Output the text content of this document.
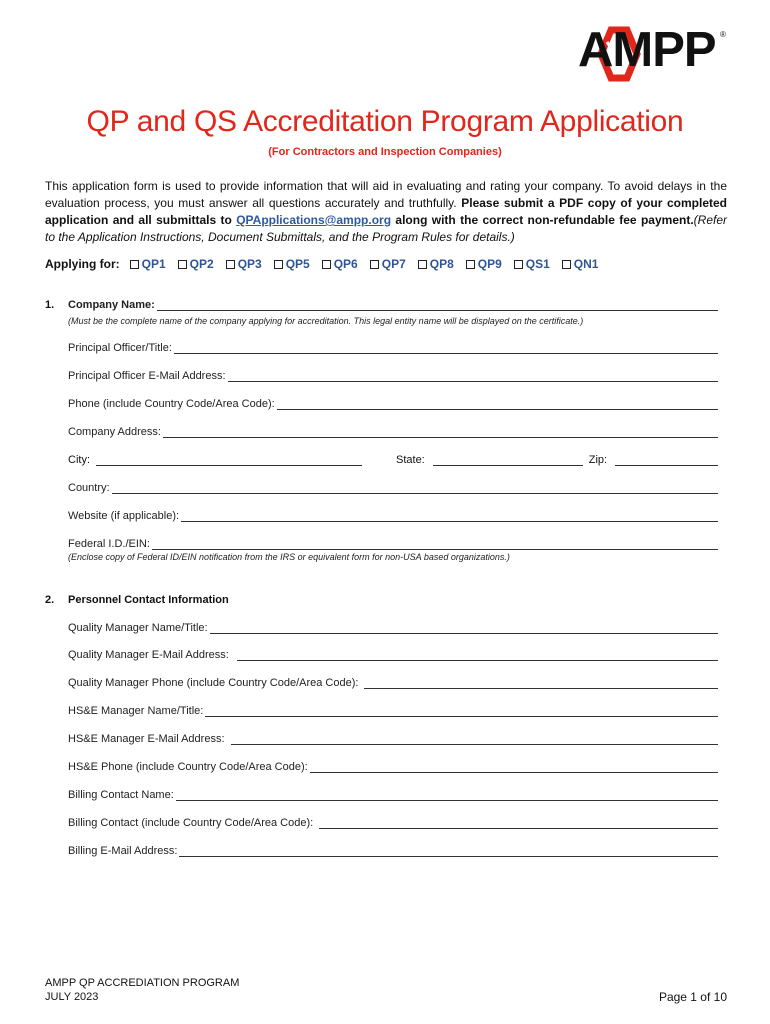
AMPP ®
QP and QS Accreditation Program Application
(For Contractors and Inspection Companies)
This application form is used to provide information that will aid in evaluating and rating your company. To avoid delays in the evaluation process, you must answer all questions accurately and truthfully. Please submit a PDF copy of your completed application and all submittals to QPApplications@ampp.org along with the correct non-refundable fee payment.(Refer to the Application Instructions, Document Submittals, and the Program Rules for details.)
Applying for: QP1 QP2 QP3 QP5 QP6 QP7 QP8 QP9 QS1 QN1
1. Company Name:
(Must be the complete name of the company applying for accreditation. This legal entity name will be displayed on the certificate.)
Principal Officer/Title:
Principal Officer E-Mail Address:
Phone (include Country Code/Area Code):
Company Address:
City:	State:	Zip:
Country:
Website (if applicable):
Federal I.D./EIN:
(Enclose copy of Federal ID/EIN notification from the IRS or equivalent form for non-USA based organizations.)
2. Personnel Contact Information
Quality Manager Name/Title:
Quality Manager E-Mail Address:
Quality Manager Phone (include Country Code/Area Code):
HS&E Manager Name/Title:
HS&E Manager E-Mail Address:
HS&E Phone (include Country Code/Area Code):
Billing Contact Name:
Billing Contact (include Country Code/Area Code):
Billing E-Mail Address:
AMPP QP ACCREDIATION PROGRAM
JULY 2023	Page 1 of 10
